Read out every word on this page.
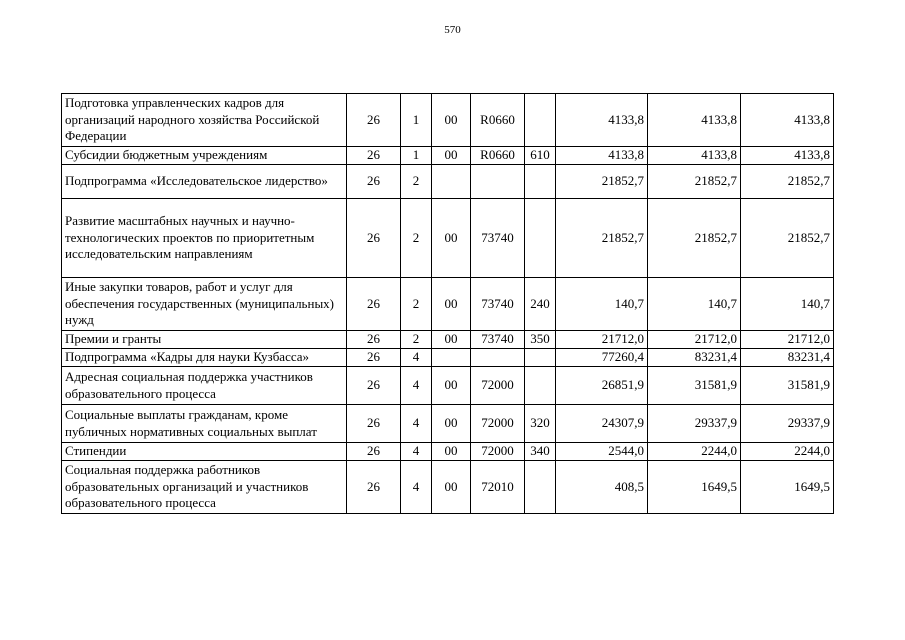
570
Подготовка управленческих кадров для организаций народного хозяйства Российской Федерации	26	1	00	R0660		4133,8	4133,8	4133,8
Субсидии бюджетным учреждениям	26	1	00	R0660	610	4133,8	4133,8	4133,8
Подпрограмма «Исследовательское лидерство»	26	2				21852,7	21852,7	21852,7
Развитие масштабных научных и научно-технологических проектов по приоритетным исследовательским направлениям	26	2	00	73740		21852,7	21852,7	21852,7
Иные закупки товаров, работ и услуг для обеспечения государственных (муниципальных) нужд	26	2	00	73740	240	140,7	140,7	140,7
Премии и гранты	26	2	00	73740	350	21712,0	21712,0	21712,0
Подпрограмма «Кадры для науки Кузбасса»	26	4				77260,4	83231,4	83231,4
Адресная социальная поддержка участников образовательного процесса	26	4	00	72000		26851,9	31581,9	31581,9
Социальные выплаты гражданам, кроме публичных нормативных социальных выплат	26	4	00	72000	320	24307,9	29337,9	29337,9
Стипендии	26	4	00	72000	340	2544,0	2244,0	2244,0
Социальная поддержка работников образовательных организаций и участников образовательного процесса	26	4	00	72010		408,5	1649,5	1649,5
